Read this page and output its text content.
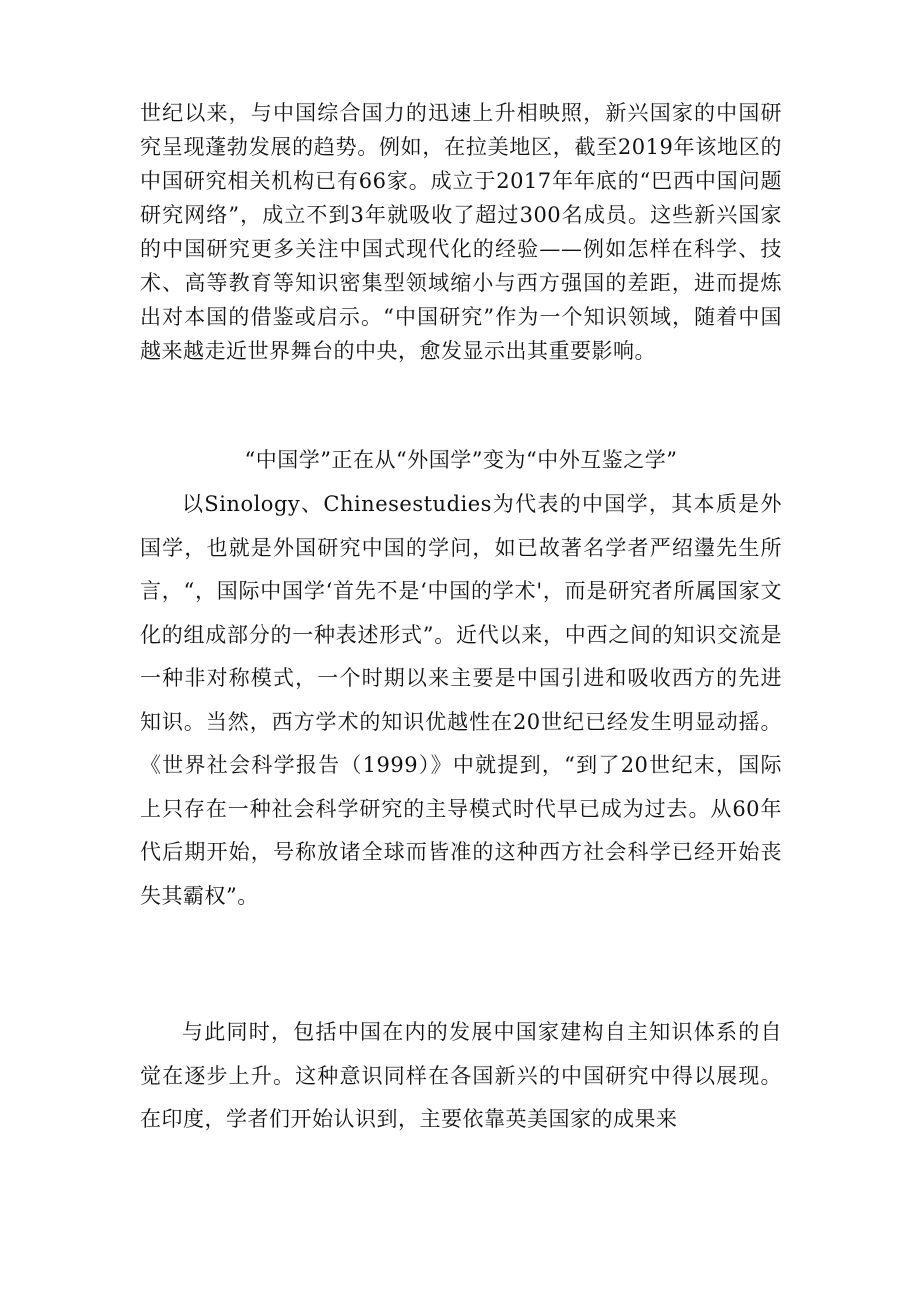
世纪以来，与中国综合国力的迅速上升相映照，新兴国家的中国研究呈现蓬勃发展的趋势。例如，在拉美地区，截至2019年该地区的中国研究相关机构已有66家。成立于2017年年底的“巴西中国问题研究网络”，成立不到3年就吸收了超过300名成员。这些新兴国家的中国研究更多关注中国式现代化的经验——例如怎样在科学、技术、高等教育等知识密集型领域缩小与西方强国的差距，进而提炼出对本国的借鉴或启示。“中国研究”作为一个知识领域，随着中国越来越走近世界舞台的中央，愈发显示出其重要影响。

“中国学”正在从“外国学”变为“中外互鉴之学”

以Sinology、Chinesestudies为代表的中国学，其本质是外国学，也就是外国研究中国的学问，如已故著名学者严绍璗先生所言，“，国际中国学‘首先不是‘中国的学术'，而是研究者所属国家文化的组成部分的一种表述形式”。近代以来，中西之间的知识交流是一种非对称模式，一个时期以来主要是中国引进和吸收西方的先进知识。当然，西方学术的知识优越性在20世纪已经发生明显动摇。《世界社会科学报告（1999）》中就提到，“到了20世纪末，国际上只存在一种社会科学研究的主导模式时代早已成为过去。从60年代后期开始，号称放诸全球而皆准的这种西方社会科学已经开始丧失其霸权”。

与此同时，包括中国在内的发展中国家建构自主知识体系的自觉在逐步上升。这种意识同样在各国新兴的中国研究中得以展现。在印度，学者们开始认识到，主要依靠英美国家的成果来
